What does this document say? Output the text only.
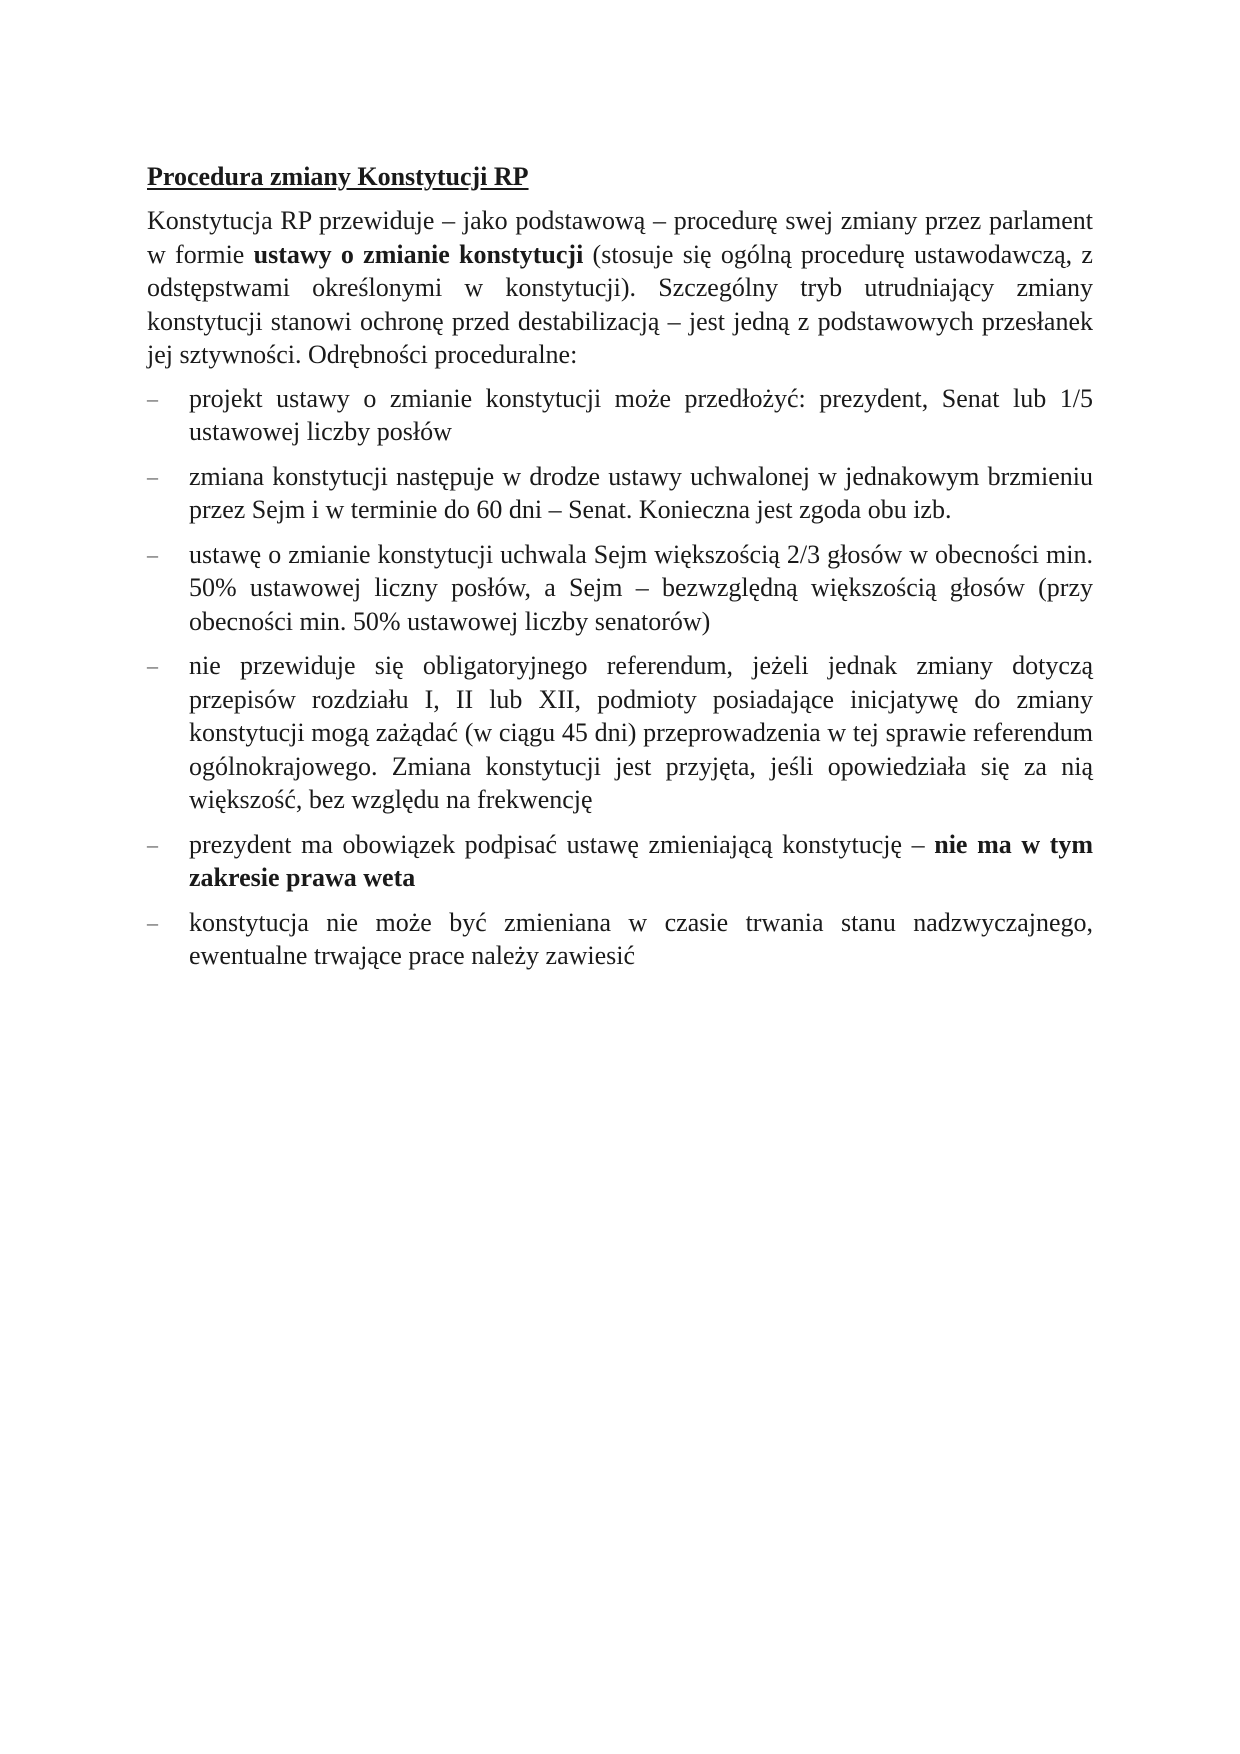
Procedura zmiany Konstytucji RP

Konstytucja RP przewiduje – jako podstawową – procedurę swej zmiany przez parlament w formie ustawy o zmianie konstytucji (stosuje się ogólną procedurę ustawodawczą, z odstępstwami określonymi w konstytucji). Szczególny tryb utrudniający zmiany konstytucji stanowi ochronę przed destabilizacją – jest jedną z podstawowych przesłanek jej sztywności. Odrębności proceduralne:

–	projekt ustawy o zmianie konstytucji może przedłożyć: prezydent, Senat lub 1/5 ustawowej liczby posłów
–	zmiana konstytucji następuje w drodze ustawy uchwalonej w jednakowym brzmieniu przez Sejm i w terminie do 60 dni – Senat. Konieczna jest zgoda obu izb.
–	ustawę o zmianie konstytucji uchwala Sejm większością 2/3 głosów w obecności min. 50% ustawowej liczny posłów, a Sejm – bezwzględną większością głosów (przy obecności min. 50% ustawowej liczby senatorów)
–	nie przewiduje się obligatoryjnego referendum, jeżeli jednak zmiany dotyczą przepisów rozdziału I, II lub XII, podmioty posiadające inicjatywę do zmiany konstytucji mogą zażądać (w ciągu 45 dni) przeprowadzenia w tej sprawie referendum ogólnokrajowego. Zmiana konstytucji jest przyjęta, jeśli opowiedziała się za nią większość, bez względu na frekwencję
–	prezydent ma obowiązek podpisać ustawę zmieniającą konstytucję – nie ma w tym zakresie prawa weta
–	konstytucja nie może być zmieniana w czasie trwania stanu nadzwyczajnego, ewentualne trwające prace należy zawiesić
